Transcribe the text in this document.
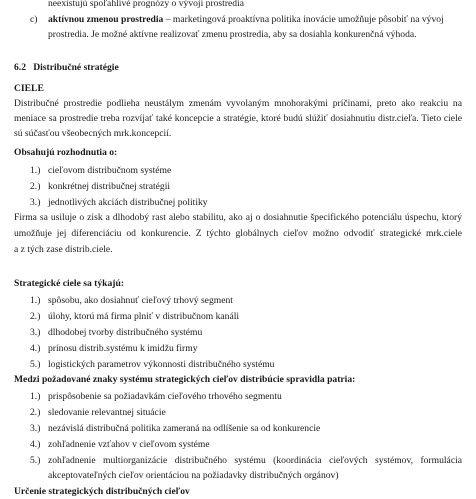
neexistujú spoľahlivé prognózy o vývoji prostredia
c)	aktívnou zmenou prostredia – marketingová proaktívna politika inovácie umožňuje pôsobiť na vývoj
prostredia. Je možné aktívne realizovať zmenu prostredia, aby sa dosiahla konkurenčná výhoda.
6.2 Distribučné stratégie
CIELE
Distribučné prostredie podlieha neustálym zmenám vyvolaným mnohorakými príčinami, preto ako reakciu na
meniace sa prostredie treba rozvíjať také koncepcie a stratégie, ktoré budú slúžiť dosiahnutiu distr.cieľa. Tieto ciele
sú súčasťou všeobecných mrk.koncepcií.
Obsahujú rozhodnutia o:
1.) cieľovom distribučnom systéme
2.) konkrétnej distribučnej stratégii
3.) jednotlivých akciách distribučnej politiky
Firma sa usiluje o zisk a dlhodobý rast alebo stabilitu, ako aj o dosiahnutie špecifického potenciálu úspechu, ktorý
umožňuje jej diferenciáciu od konkurencie. Z týchto globálnych cieľov možno odvodiť strategické mrk.ciele
a z tých zase distrib.ciele.
Strategické ciele sa týkajú:
1.) spôsobu, ako dosiahnuť cieľový trhový segment
2.) úlohy, ktorú má firma plniť v distribučnom kanáli
3.) dlhodobej tvorby distribučného systému
4.) prínosu distrib.systému k imidžu firmy
5.) logistických parametrov výkonnosti distribučného systému
Medzi požadované znaky systému strategických cieľov distribúcie spravidla patria:
1.) prispôsobenie sa požiadavkám cieľového trhového segmentu
2.) sledovanie relevantnej situácie
3.) nezávislá distribučná politika zameraná na odlíšenie sa od konkurencie
4.) zohľadnenie vzťahov v cieľovom systéme
5.) zohľadnenie multiorganizácie distribučného systému (koordinácia cieľových systémov, formulácia
akceptovateľných cieľov orientáciou na požiadavky distribučných orgánov)
Určenie strategických distribučných cieľov
